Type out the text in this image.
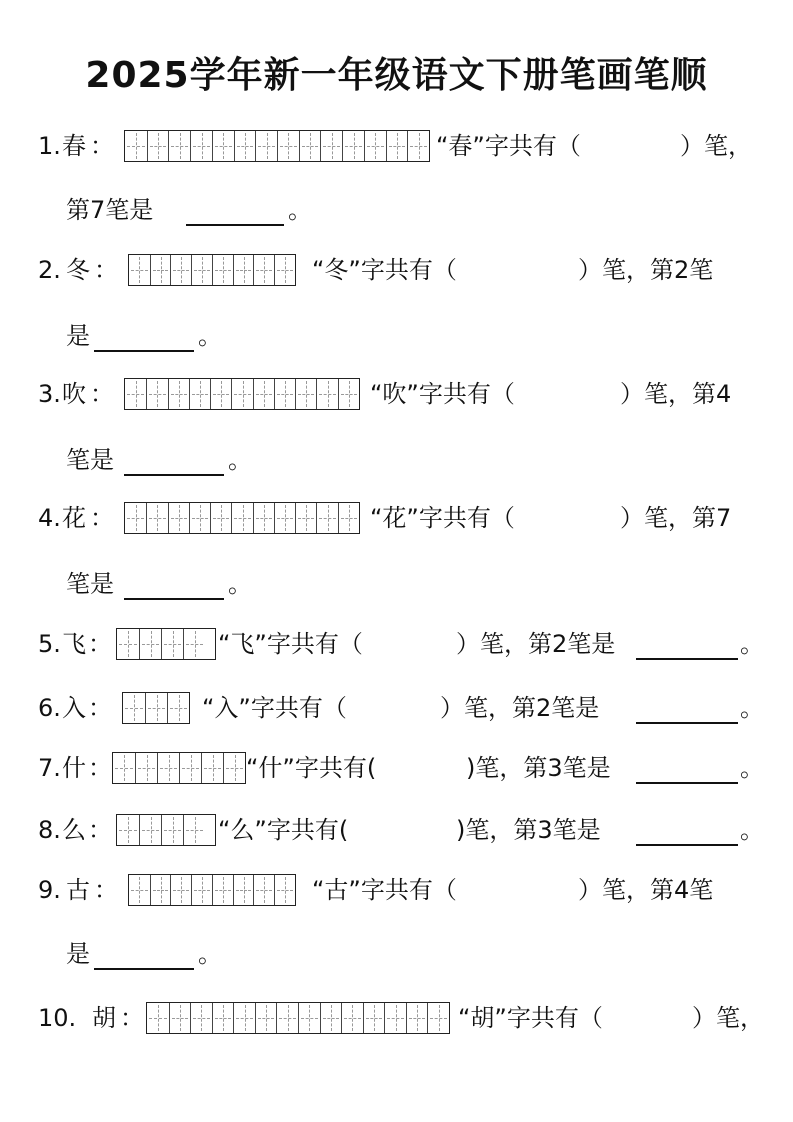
2025学年新一年级语文下册笔画笔顺
1. 春 ：	“春”字共有（	）笔，
第7笔是	。
2. 冬 ：	“冬”字共有（	）笔，第2笔
是	。
3. 吹 ：	“吹”字共有（	）笔，第4
笔是	。
4. 花 ：	“花”字共有（	）笔，第7
笔是	。
5. 飞 ：	“飞”字共有（	）笔，第2笔是	。
6. 入 ：	“入”字共有（	）笔，第2笔是	。
7. 什 ：	“什”字共有(	)笔，第3笔是	。
8. 么 ：	“么”字共有(	)笔，第3笔是	。
9. 古 ：	“古”字共有（	）笔，第4笔
是	。
10. 胡 ：	“胡”字共有（	）笔，
